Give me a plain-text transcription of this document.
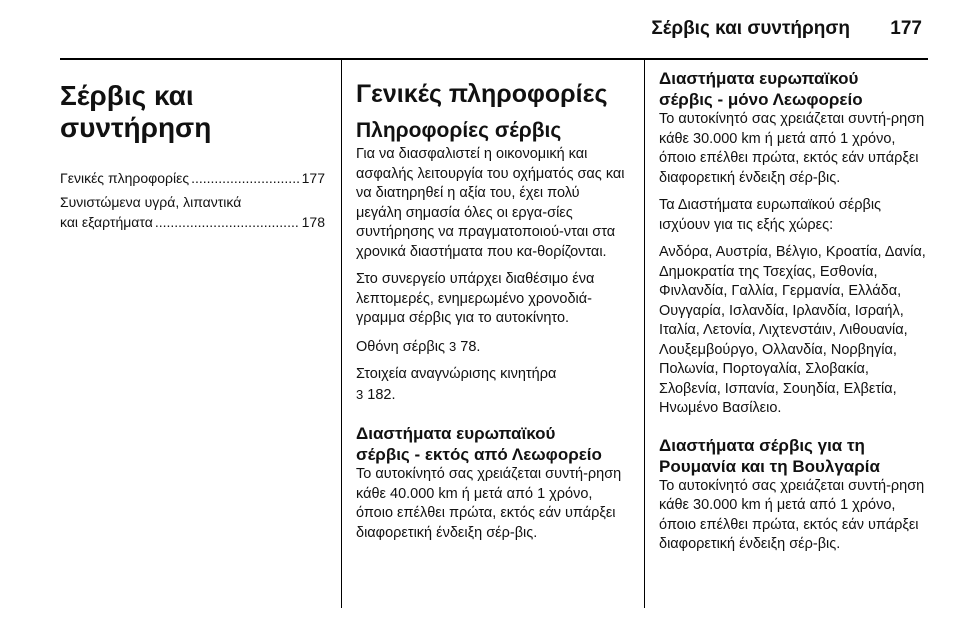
Σέρβις και συντήρηση 177
Σέρβις και συντήρηση
Γενικές πληροφορίες .....	177
Συνιστώμενα υγρά, λιπαντικά
και εξαρτήματα .....	178
Γενικές πληροφορίες
Πληροφορίες σέρβις

Για να διασφαλιστεί η οικονομική και ασφαλής λειτουργία του οχήματός σας και να διατηρηθεί η αξία του, έχει πολύ μεγάλη σημασία όλες οι εργα-σίες συντήρησης να πραγματοποιού-νται στα χρονικά διαστήματα που κα-θορίζονται.

Στο συνεργείο υπάρχει διαθέσιμο ένα λεπτομερές, ενημερωμένο χρονοδιά-γραμμα σέρβις για το αυτοκίνητο.

Οθόνη σέρβις 3 78.

Στοιχεία αναγνώρισης κινητήρα
3 182.

Διαστήματα ευρωπαϊκού
σέρβις - εκτός από Λεωφορείο

Το αυτοκίνητό σας χρειάζεται συντή-ρηση κάθε 40.000 km ή μετά από 1 χρόνο, όποιο επέλθει πρώτα, εκτός εάν υπάρξει διαφορετική ένδειξη σέρ-βις.

Διαστήματα ευρωπαϊκού
σέρβις - μόνο Λεωφορείο

Το αυτοκίνητό σας χρειάζεται συντή-ρηση κάθε 30.000 km ή μετά από 1 χρόνο, όποιο επέλθει πρώτα, εκτός εάν υπάρξει διαφορετική ένδειξη σέρ-βις.

Τα Διαστήματα ευρωπαϊκού σέρβις ισχύουν για τις εξής χώρες:

Ανδόρα, Αυστρία, Βέλγιο, Κροατία, Δανία, Δημοκρατία της Τσεχίας, Εσθονία, Φινλανδία, Γαλλία, Γερμανία, Ελλάδα, Ουγγαρία, Ισλανδία, Ιρλανδία, Ισραήλ, Ιταλία, Λετονία, Λιχτενστάιν, Λιθουανία, Λουξεμβούργο, Ολλανδία, Νορβηγία, Πολωνία, Πορτογαλία, Σλοβακία, Σλοβενία, Ισπανία, Σουηδία, Ελβετία, Ηνωμένο Βασίλειο.

Διαστήματα σέρβις για τη
Ρουμανία και τη Βουλγαρία

Το αυτοκίνητό σας χρειάζεται συντή-ρηση κάθε 30.000 km ή μετά από 1 χρόνο, όποιο επέλθει πρώτα, εκτός εάν υπάρξει διαφορετική ένδειξη σέρ-βις.
